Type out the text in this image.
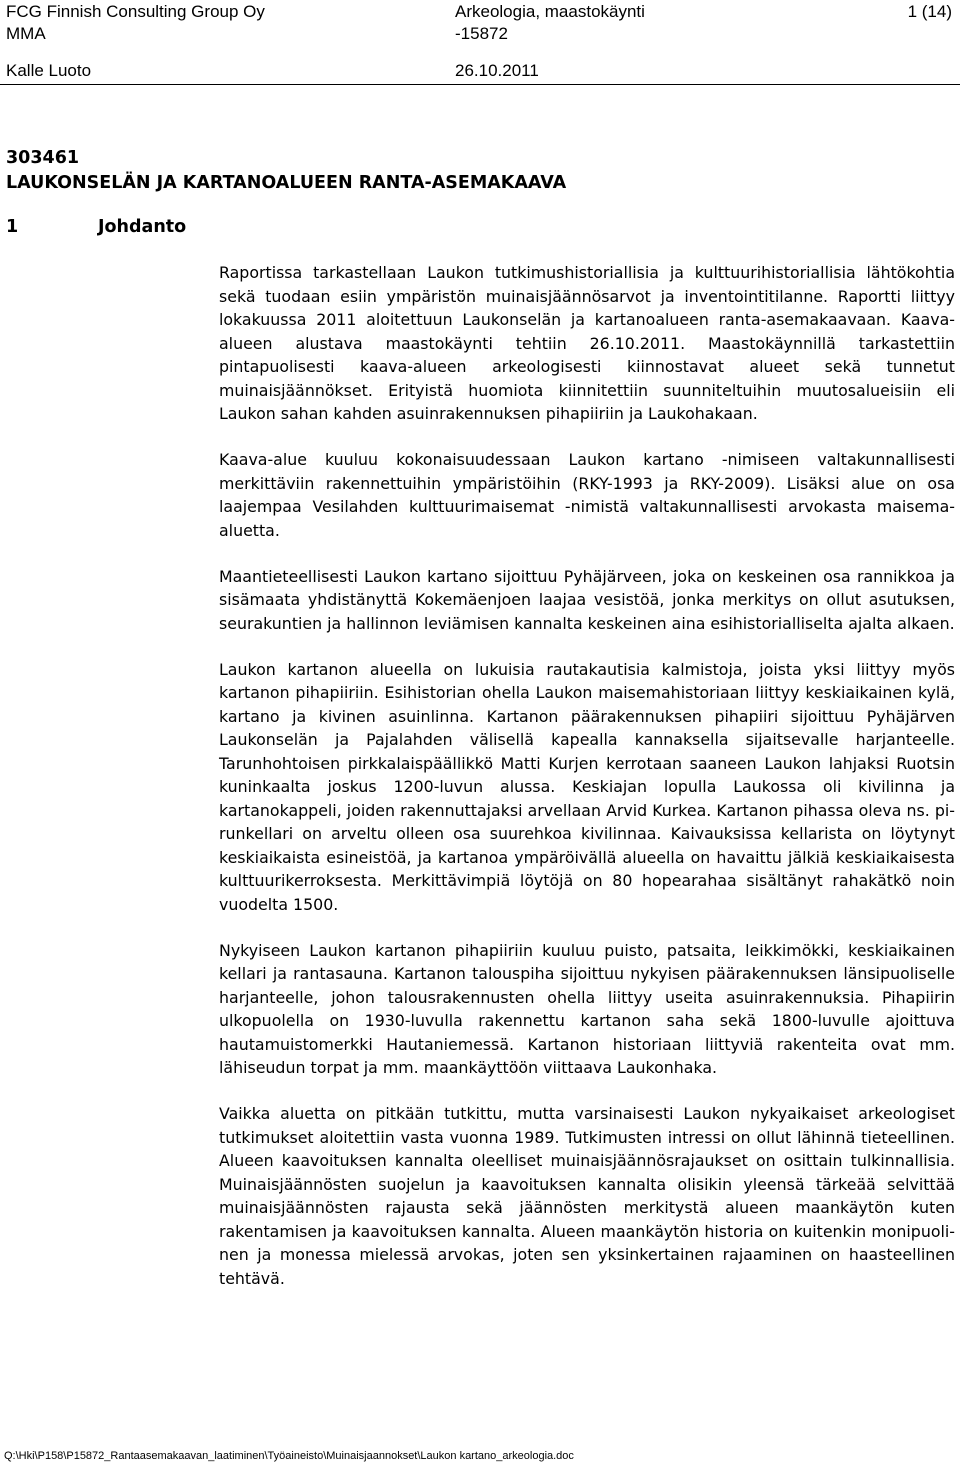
FCG Finnish Consulting Group Oy
MMA
Arkeologia, maastokäynti
-15872
1 (14)
Kalle Luoto	26.10.2011
303461
LAUKONSELÄN JA KARTANOALUEEN RANTA-ASEMAKAAVA
1	Johdanto

Raportissa tarkastellaan Laukon tutkimushistoriallisia ja kulttuurihistoriallisia lähtökohtia sekä tuodaan esiin ympäristön muinaisjäännösarvot ja inventointitilanne. Raportti liittyy lokakuussa 2011 aloitettuun Laukonselän ja kartanoalueen ranta-asemakaavaan. Kaava-alueen alustava maastokäynti tehtiin 26.10.2011. Maastokäynnillä tarkastettiin pintapuolisesti kaava-alueen arkeologisesti kiinnostavat alueet sekä tunnetut muinaisjäännökset. Erityistä huomiota kiinnitettiin suunniteltuihin muutosalueisiin eli Laukon sahan kahden asuinrakennuksen pihapiiriin ja Laukohakaan.

Kaava-alue kuuluu kokonaisuudessaan Laukon kartano -nimiseen valtakunnallisesti merkittäviin rakennettuihin ympäristöihin (RKY-1993 ja RKY-2009). Lisäksi alue on osa laajempaa Vesilahden kulttuurimaisemat -nimistä valtakunnallisesti arvokasta maisema-aluetta.

Maantieteellisesti Laukon kartano sijoittuu Pyhäjärveen, joka on keskeinen osa rannikkoa ja sisämaata yhdistänyttä Kokemäenjoen laajaa vesistöä, jonka merkitys on ollut asutuksen, seurakuntien ja hallinnon leviämisen kannalta keskeinen aina esihistorialliselta ajalta alkaen.

Laukon kartanon alueella on lukuisia rautakautisia kalmistoja, joista yksi liittyy myös kartanon pihapiiriin. Esihistorian ohella Laukon maisemahistoriaan liittyy keskiaikainen kylä, kartano ja kivinen asuinlinna. Kartanon päärakennuksen pihapiiri sijoittuu Pyhäjärven Laukonselän ja Pajalahden välisellä kapealla kannaksella sijaitsevalle harjanteelle. Tarunhohtoisen pirkkalaispäällikkö Matti Kurjen kerrotaan saaneen Laukon lahjaksi Ruotsin kuninkaalta joskus 1200-luvun alussa. Keskiajan lopulla Laukossa oli kivilinna ja kartanokappeli, joiden rakennuttajaksi arvellaan Arvid Kurkea. Kartanon pihassa oleva ns. pirunkellari on arveltu olleen osa suurehkoa kivilinnaa. Kaivauksissa kellarista on löytynyt keskiaikaista esineistöä, ja kartanoa ympäröivällä alueella on havaittu jälkiä keskiaikaisesta kulttuurikerroksesta. Merkittävimpiä löytöjä on 80 hopearahaa sisältänyt rahakätkö noin vuodelta 1500.

Nykyiseen Laukon kartanon pihapiiriin kuuluu puisto, patsaita, leikkimökki, keskiaikainen kellari ja rantasauna. Kartanon talouspiha sijoittuu nykyisen päärakennuksen länsipuoliselle harjanteelle, johon talousrakennusten ohella liittyy useita asuinrakennuksia. Pihapiirin ulkopuolella on 1930-luvulla rakennettu kartanon saha sekä 1800-luvulle ajoittuva hautamuistomerkki Hautaniemessä. Kartanon historiaan liittyviä rakenteita ovat mm. lähiseudun torpat ja mm. maankäyttöön viittaava Laukonhaka.

Vaikka aluetta on pitkään tutkittu, mutta varsinaisesti Laukon nykyaikaiset arkeologiset tutkimukset aloitettiin vasta vuonna 1989. Tutkimusten intressi on ollut lähinnä tieteellinen. Alueen kaavoituksen kannalta oleelliset muinaisjäännösrajaukset on osittain tulkinnallisia. Muinaisjäännösten suojelun ja kaavoituksen kannalta olisikin yleensä tärkeää selvittää muinaisjäännösten rajausta sekä jäännösten merkitystä alueen maankäytön kuten rakentamisen ja kaavoituksen kannalta. Alueen maankäytön historia on kuitenkin monipuolinen ja monessa mielessä arvokas, joten sen yksinkertainen rajaaminen on haasteellinen tehtävä.

Q:\Hki\P158\P15872_Rantaasemakaavan_laatiminen\Työaineisto\Muinaisjaannokset\Laukon kartano_arkeologia.doc
